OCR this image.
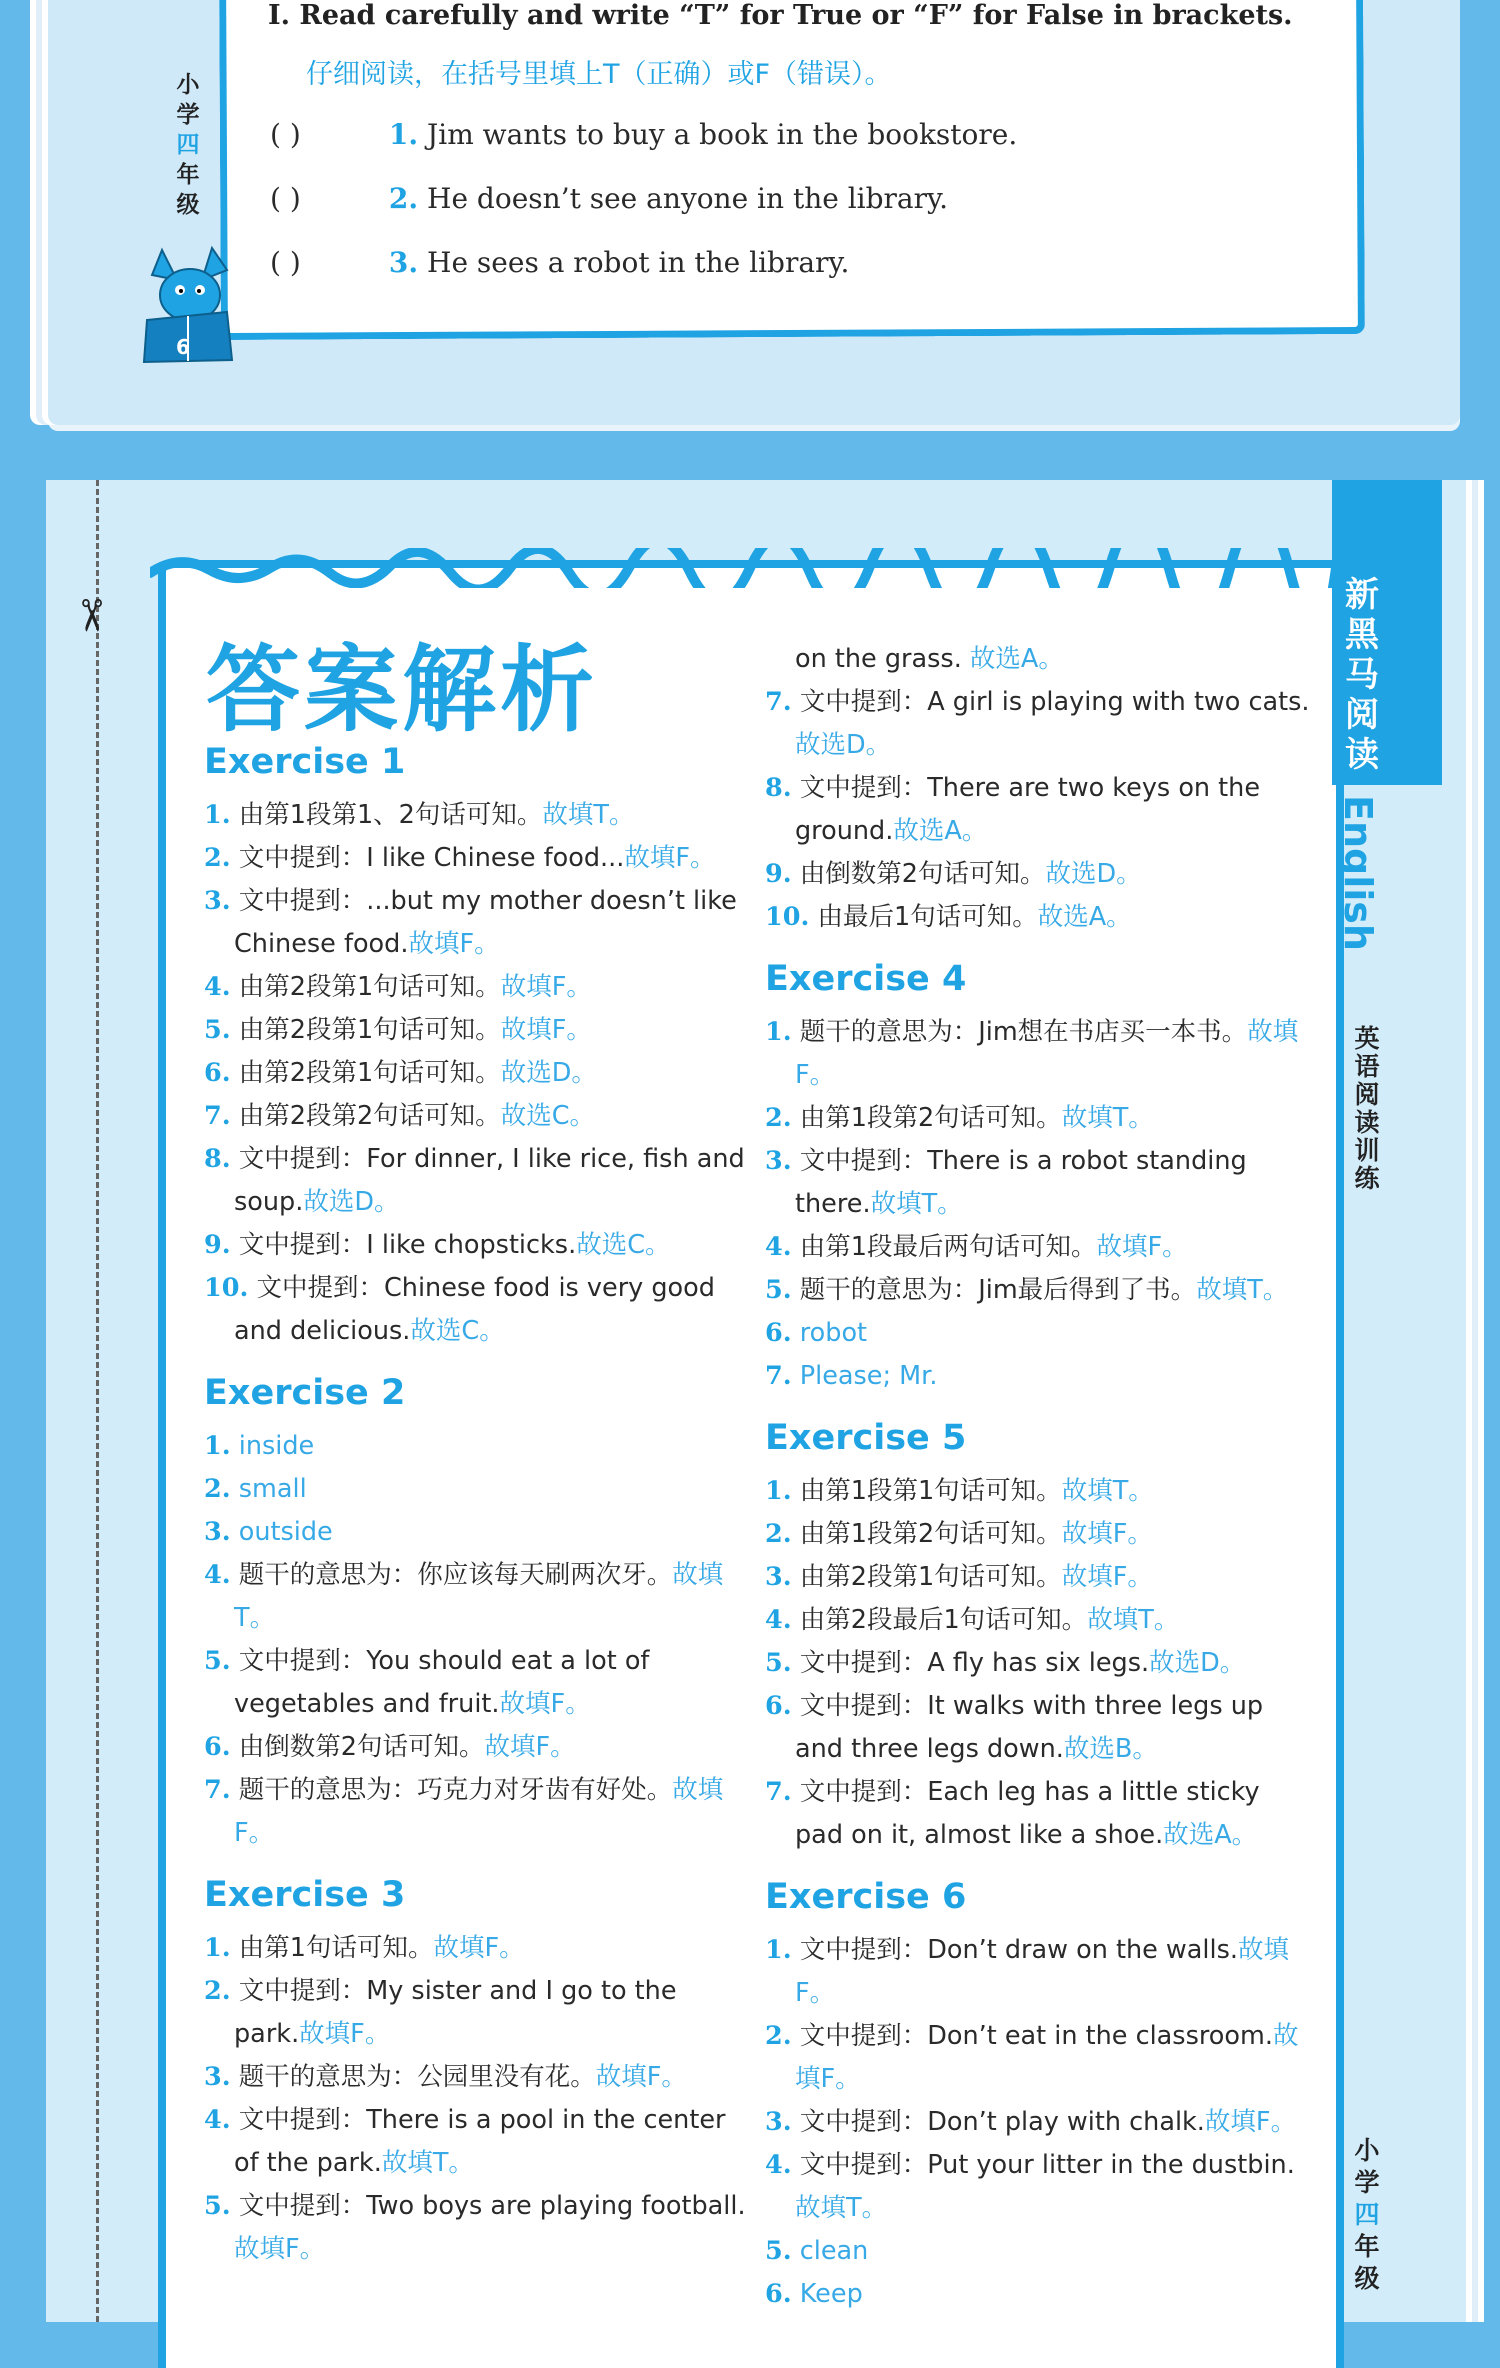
Ⅰ. Read carefully and write “T” for True or “F” for False in brackets.
仔细阅读，在括号里填上T（正确）或F（错误）。
( )	1. Jim wants to buy a book in the bookstore.
( )	2. He doesn’t see anyone in the library.
( )	3. He sees a robot in the library.
小
学
四
年
级
6
✂
新
黑
马
阅
读
English
英
语
阅
读
训
练
小
学
四
年
级
答案解析
Exercise 1
1. 由第1段第1、2句话可知。故填T。
2. 文中提到：I like Chinese food...故填F。
3. 文中提到：...but my mother doesn’t like Chinese food.故填F。
4. 由第2段第1句话可知。故填F。
5. 由第2段第1句话可知。故填F。
6. 由第2段第1句话可知。故选D。
7. 由第2段第2句话可知。故选C。
8. 文中提到：For dinner, I like rice, fish and soup.故选D。
9. 文中提到：I like chopsticks.故选C。
10. 文中提到：Chinese food is very good and delicious.故选C。
Exercise 2
1. inside
2. small
3. outside
4. 题干的意思为：你应该每天刷两次牙。故填T。
5. 文中提到：You should eat a lot of vegetables and fruit.故填F。
6. 由倒数第2句话可知。故填F。
7. 题干的意思为：巧克力对牙齿有好处。故填F。
Exercise 3
1. 由第1句话可知。故填F。
2. 文中提到：My sister and I go to the park.故填F。
3. 题干的意思为：公园里没有花。故填F。
4. 文中提到：There is a pool in the center of the park.故填T。
5. 文中提到：Two boys are playing football.故填F。
on the grass. 故选A。
7. 文中提到：A girl is playing with two cats.故选D。
8. 文中提到：There are two keys on the ground.故选A。
9. 由倒数第2句话可知。故选D。
10. 由最后1句话可知。故选A。
Exercise 4
1. 题干的意思为：Jim想在书店买一本书。故填F。
2. 由第1段第2句话可知。故填T。
3. 文中提到：There is a robot standing there.故填T。
4. 由第1段最后两句话可知。故填F。
5. 题干的意思为：Jim最后得到了书。故填T。
6. robot
7. Please; Mr.
Exercise 5
1. 由第1段第1句话可知。故填T。
2. 由第1段第2句话可知。故填F。
3. 由第2段第1句话可知。故填F。
4. 由第2段最后1句话可知。故填T。
5. 文中提到：A fly has six legs.故选D。
6. 文中提到：It walks with three legs up and three legs down.故选B。
7. 文中提到：Each leg has a little sticky pad on it, almost like a shoe.故选A。
Exercise 6
1. 文中提到：Don’t draw on the walls.故填F。
2. 文中提到：Don’t eat in the classroom.故填F。
3. 文中提到：Don’t play with chalk.故填F。
4. 文中提到：Put your litter in the dustbin.故填T。
5. clean
6. Keep
